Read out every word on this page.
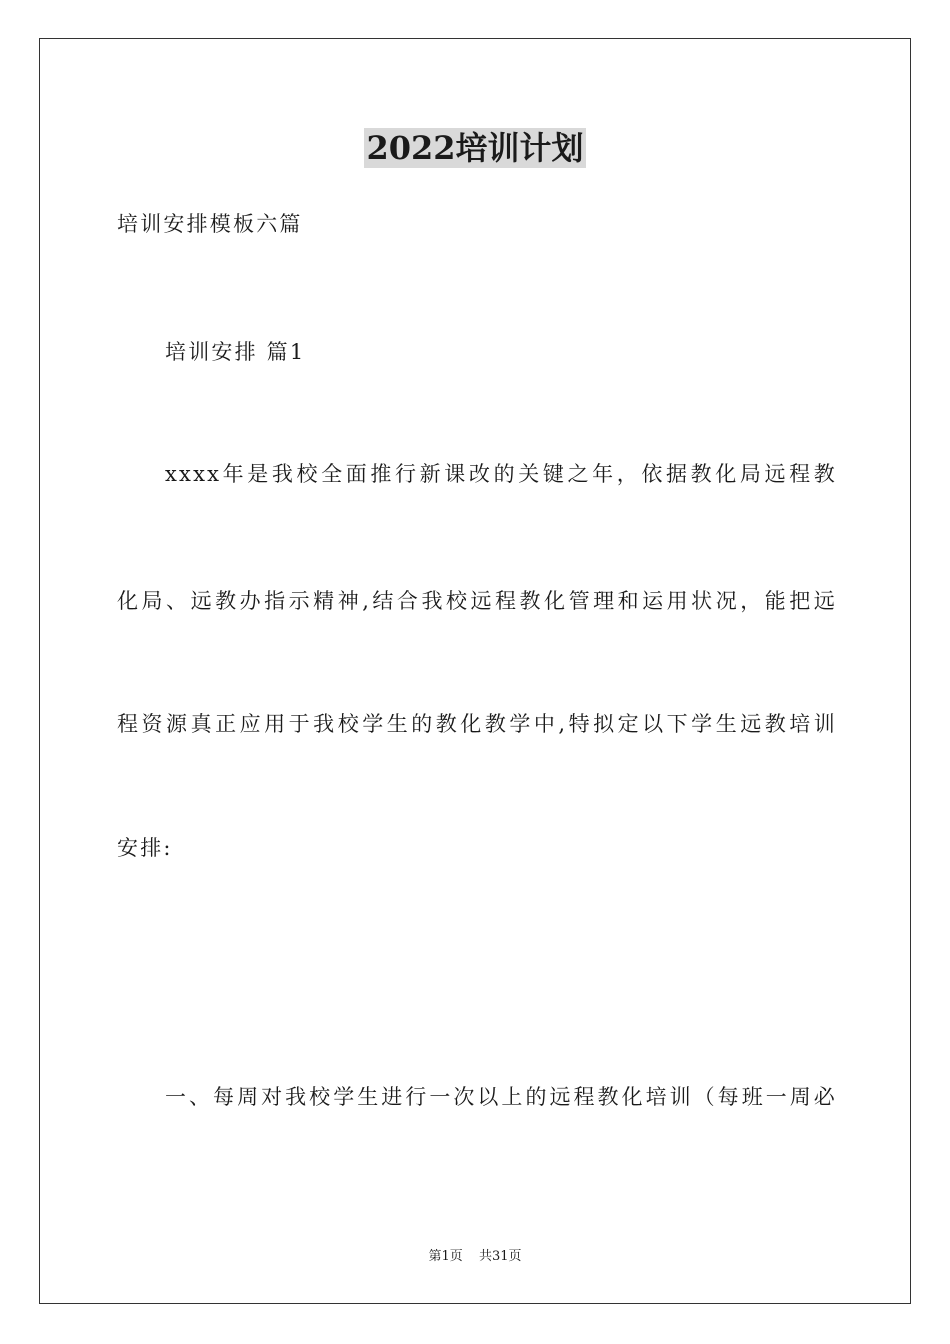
2022培训计划
培训安排模板六篇
培训安排 篇1
xxxx年是我校全面推行新课改的关键之年，依据教化局远程教
化局、远教办指示精神,结合我校远程教化管理和运用状况，能把远
程资源真正应用于我校学生的教化教学中,特拟定以下学生远教培训
安排:
一、每周对我校学生进行一次以上的远程教化培训（每班一周必
第1页 共31页
